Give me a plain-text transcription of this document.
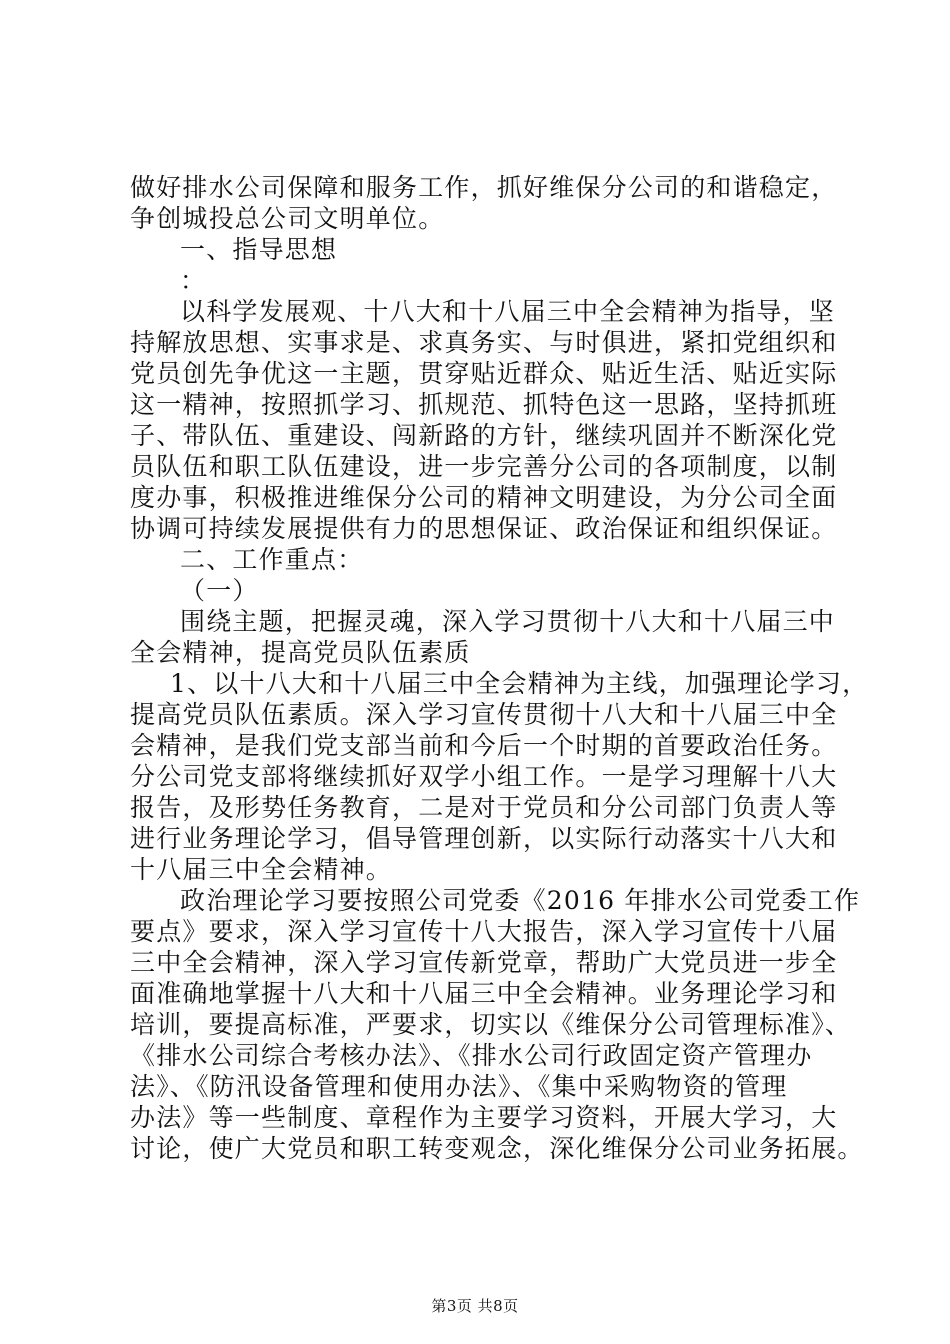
做好排水公司保障和服务工作，抓好维保分公司的和谐稳定，
争创城投总公司文明单位。
一、指导思想
：
以科学发展观、十八大和十八届三中全会精神为指导，坚
持解放思想、实事求是、求真务实、与时俱进，紧扣党组织和
党员创先争优这一主题，贯穿贴近群众、贴近生活、贴近实际
这一精神，按照抓学习、抓规范、抓特色这一思路，坚持抓班
子、带队伍、重建设、闯新路的方针，继续巩固并不断深化党
员队伍和职工队伍建设，进一步完善分公司的各项制度，以制
度办事，积极推进维保分公司的精神文明建设，为分公司全面
协调可持续发展提供有力的思想保证、政治保证和组织保证。
二、工作重点：
（一）
围绕主题，把握灵魂，深入学习贯彻十八大和十八届三中
全会精神，提高党员队伍素质
1、以十八大和十八届三中全会精神为主线，加强理论学习，
提高党员队伍素质。深入学习宣传贯彻十八大和十八届三中全
会精神，是我们党支部当前和今后一个时期的首要政治任务。
分公司党支部将继续抓好双学小组工作。一是学习理解十八大
报告，及形势任务教育，二是对于党员和分公司部门负责人等
进行业务理论学习，倡导管理创新，以实际行动落实十八大和
十八届三中全会精神。
政治理论学习要按照公司党委《2016 年排水公司党委工作
要点》要求，深入学习宣传十八大报告，深入学习宣传十八届
三中全会精神，深入学习宣传新党章，帮助广大党员进一步全
面准确地掌握十八大和十八届三中全会精神。业务理论学习和
培训，要提高标准，严要求，切实以《维保分公司管理标准》、
《排水公司综合考核办法》、《排水公司行政固定资产管理办
法》、《防汛设备管理和使用办法》、《集中采购物资的管理
办法》等一些制度、章程作为主要学习资料，开展大学习，大
讨论，使广大党员和职工转变观念，深化维保分公司业务拓展。
第3页 共8页
